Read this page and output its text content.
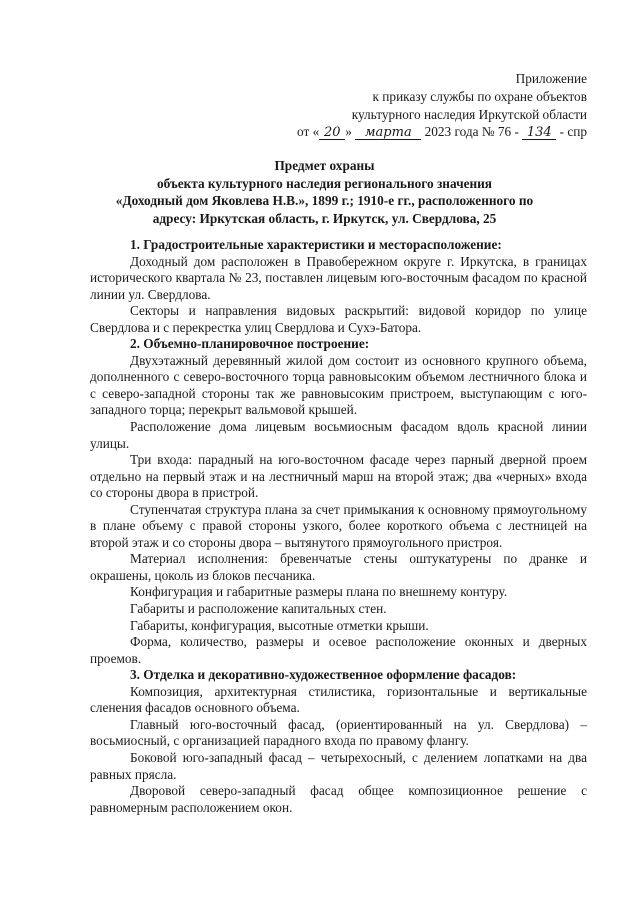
Приложение
к приказу службы по охране объектов
культурного наследия Иркутской области
от « 20 » марта 2023 года № 76 - 134 - спр
Предмет охраны
объекта культурного наследия регионального значения
«Доходный дом Яковлева Н.В.», 1899 г.; 1910-е гг., расположенного по
адресу: Иркутская область, г. Иркутск, ул. Свердлова, 25
1. Градостроительные характеристики и месторасположение:

Доходный дом расположен в Правобережном округе г. Иркутска, в границах исторического квартала № 23, поставлен лицевым юго-восточным фасадом по красной линии ул. Свердлова.

Секторы и направления видовых раскрытий: видовой коридор по улице Свердлова и с перекрестка улиц Свердлова и Сухэ-Батора.

2. Объемно-планировочное построение:

Двухэтажный деревянный жилой дом состоит из основного крупного объема, дополненного с северо-восточного торца равновысоким объемом лестничного блока и с северо-западной стороны так же равновысоким пристроем, выступающим с юго-западного торца; перекрыт вальмовой крышей.

Расположение дома лицевым восьмиосным фасадом вдоль красной линии улицы.

Три входа: парадный на юго-восточном фасаде через парный дверной проем отдельно на первый этаж и на лестничный марш на второй этаж; два «черных» входа со стороны двора в пристрой.

Ступенчатая структура плана за счет примыкания к основному прямоугольному в плане объему с правой стороны узкого, более короткого объема с лестницей на второй этаж и со стороны двора – вытянутого прямоугольного пристроя.

Материал исполнения: бревенчатые стены оштукатурены по дранке и окрашены, цоколь из блоков песчаника.

Конфигурация и габаритные размеры плана по внешнему контуру.

Габариты и расположение капитальных стен.

Габариты, конфигурация, высотные отметки крыши.

Форма, количество, размеры и осевое расположение оконных и дверных проемов.

3. Отделка и декоративно-художественное оформление фасадов:

Композиция, архитектурная стилистика, горизонтальные и вертикальные сленения фасадов основного объема.

Главный юго-восточный фасад, (ориентированный на ул. Свердлова) – восьмиосный, с организацией парадного входа по правому флангу.

Боковой юго-западный фасад – четырехосный, с делением лопатками на два равных прясла.

Дворовой северо-западный фасад общее композиционное решение с равномерным расположением окон.
